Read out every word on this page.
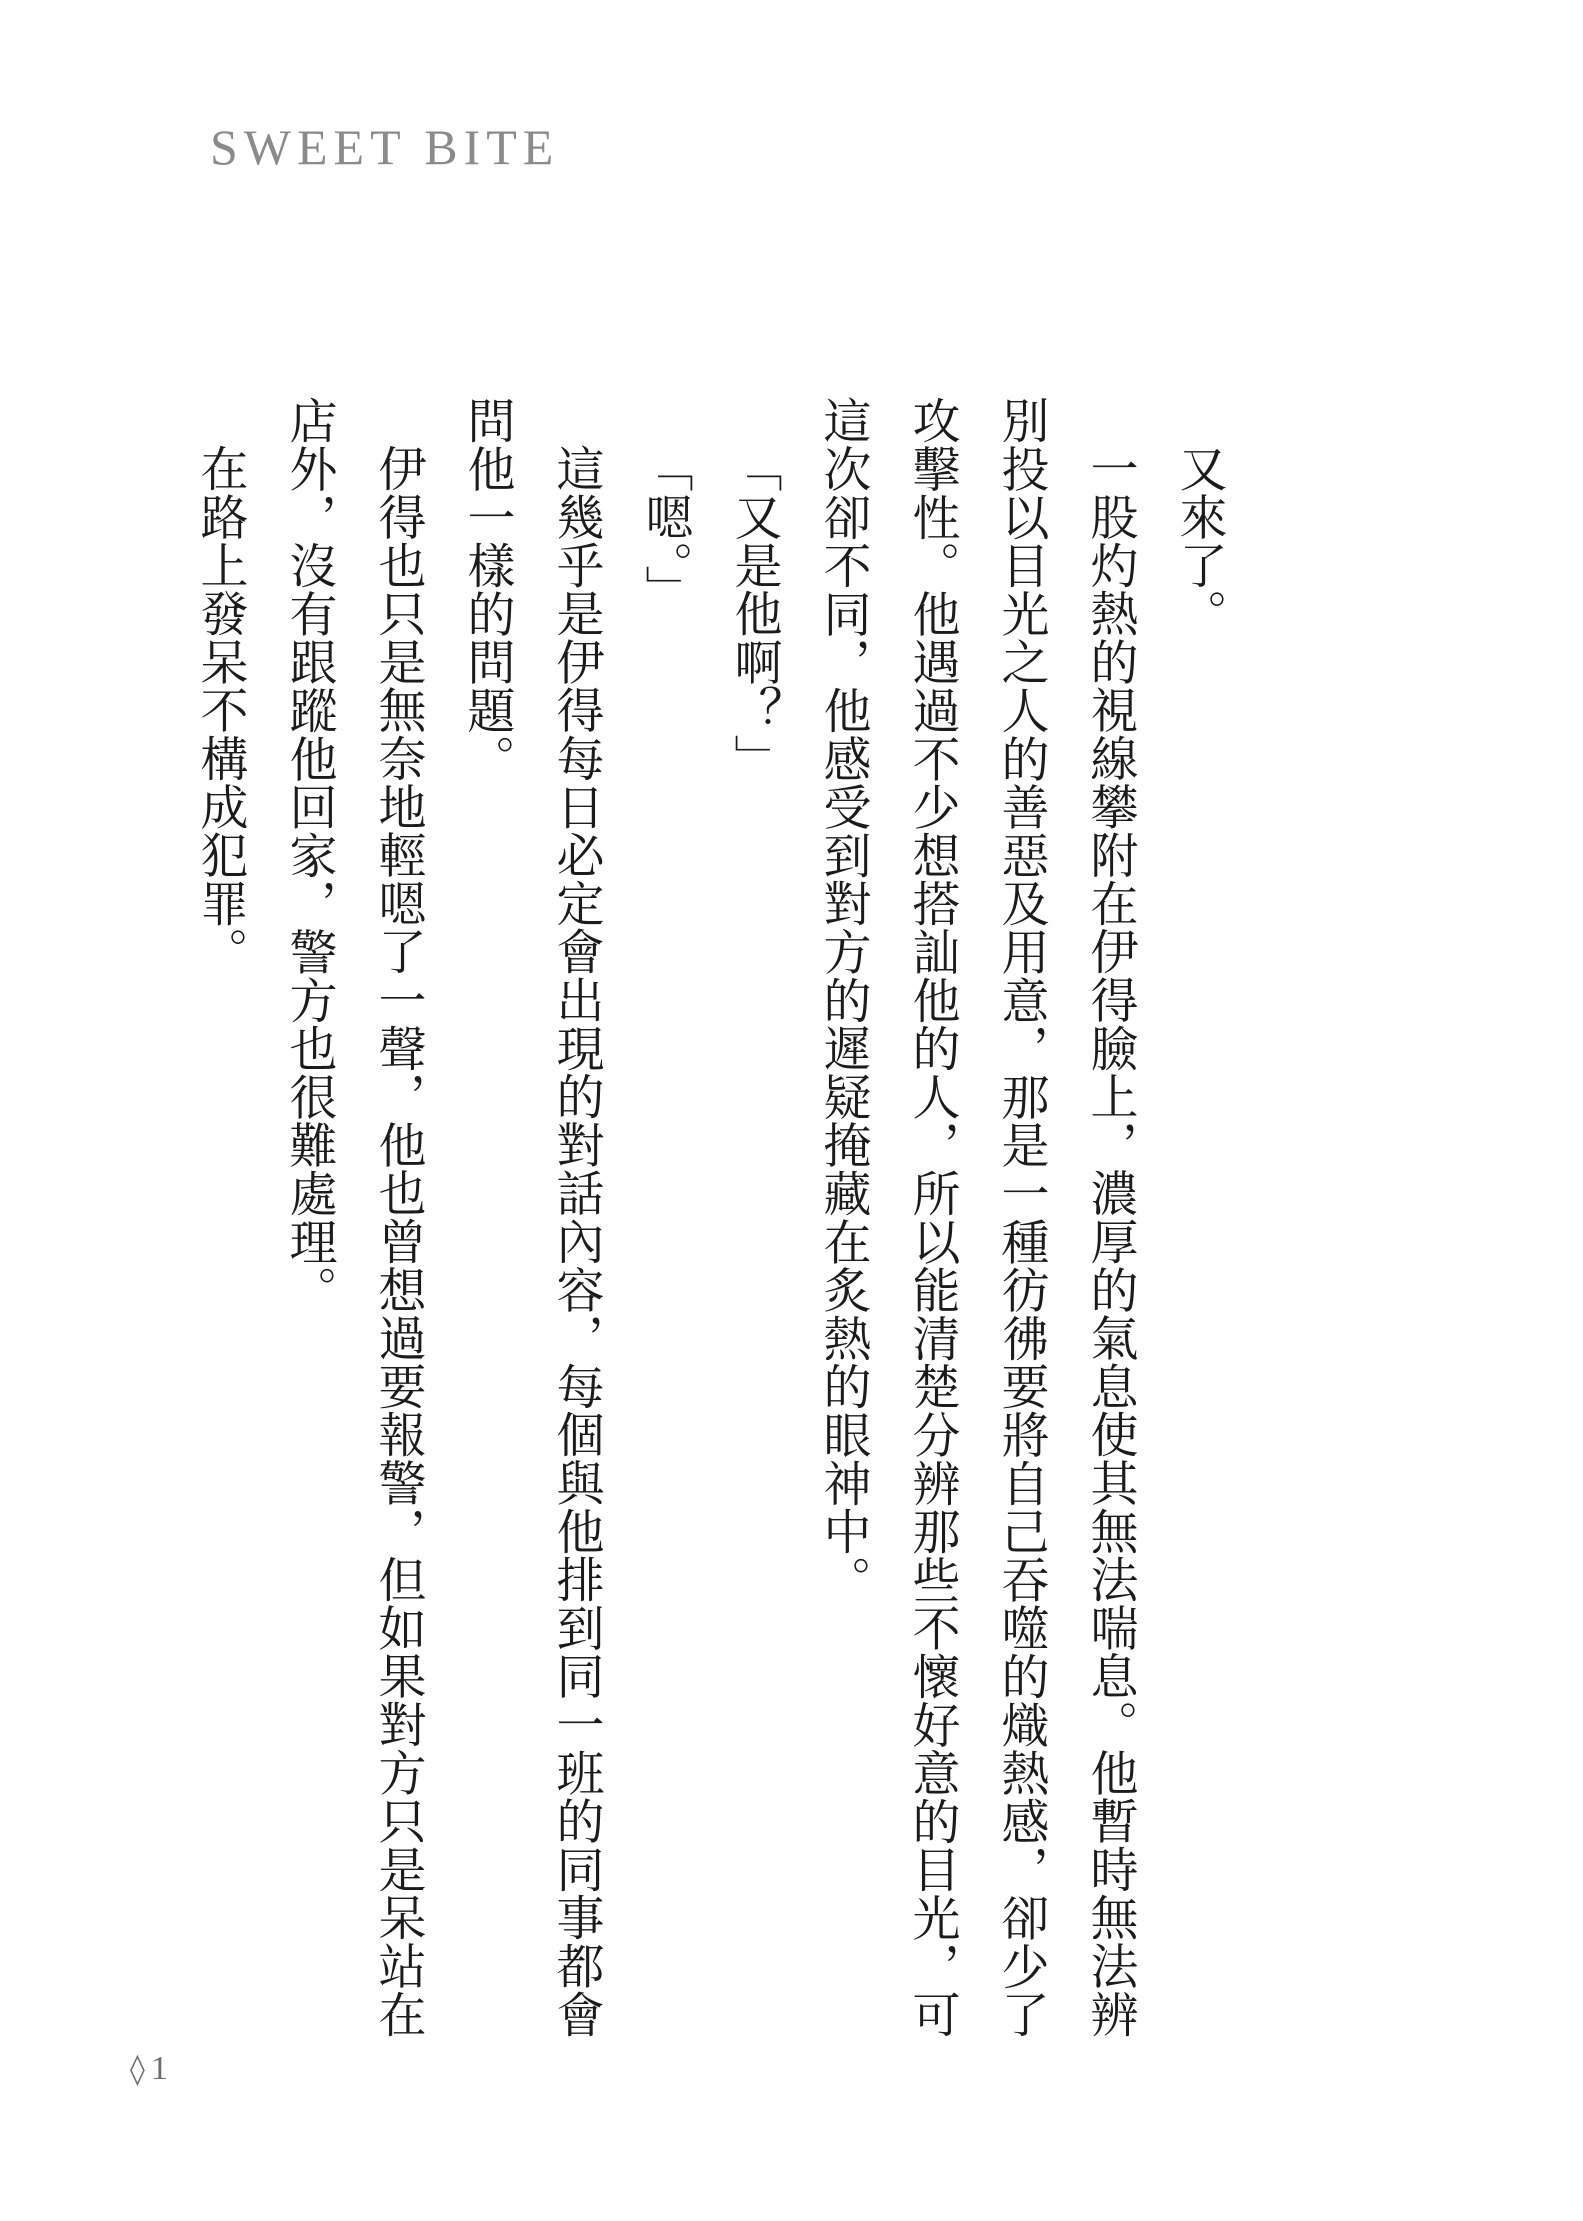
SWEET BITE

又來了。

一股灼熱的視線攀附在伊得臉上，濃厚的氣息使其無法喘息。他暫時無法辨別投以目光之人的善惡及用意，那是一種彷彿要將自己吞噬的熾熱感，卻少了攻擊性。他遇過不少想搭訕他的人，所以能清楚分辨那些不懷好意的目光，可這次卻不同，他感受到對方的遲疑掩藏在炙熱的眼神中。

「又是他啊？」

「嗯。」

這幾乎是伊得每日必定會出現的對話內容，每個與他排到同一班的同事都會問他一樣的問題。

伊得也只是無奈地輕嗯了一聲，他也曾想過要報警，但如果對方只是呆站在店外，沒有跟蹤他回家，警方也很難處理。

在路上發呆不構成犯罪。

◊ 1
